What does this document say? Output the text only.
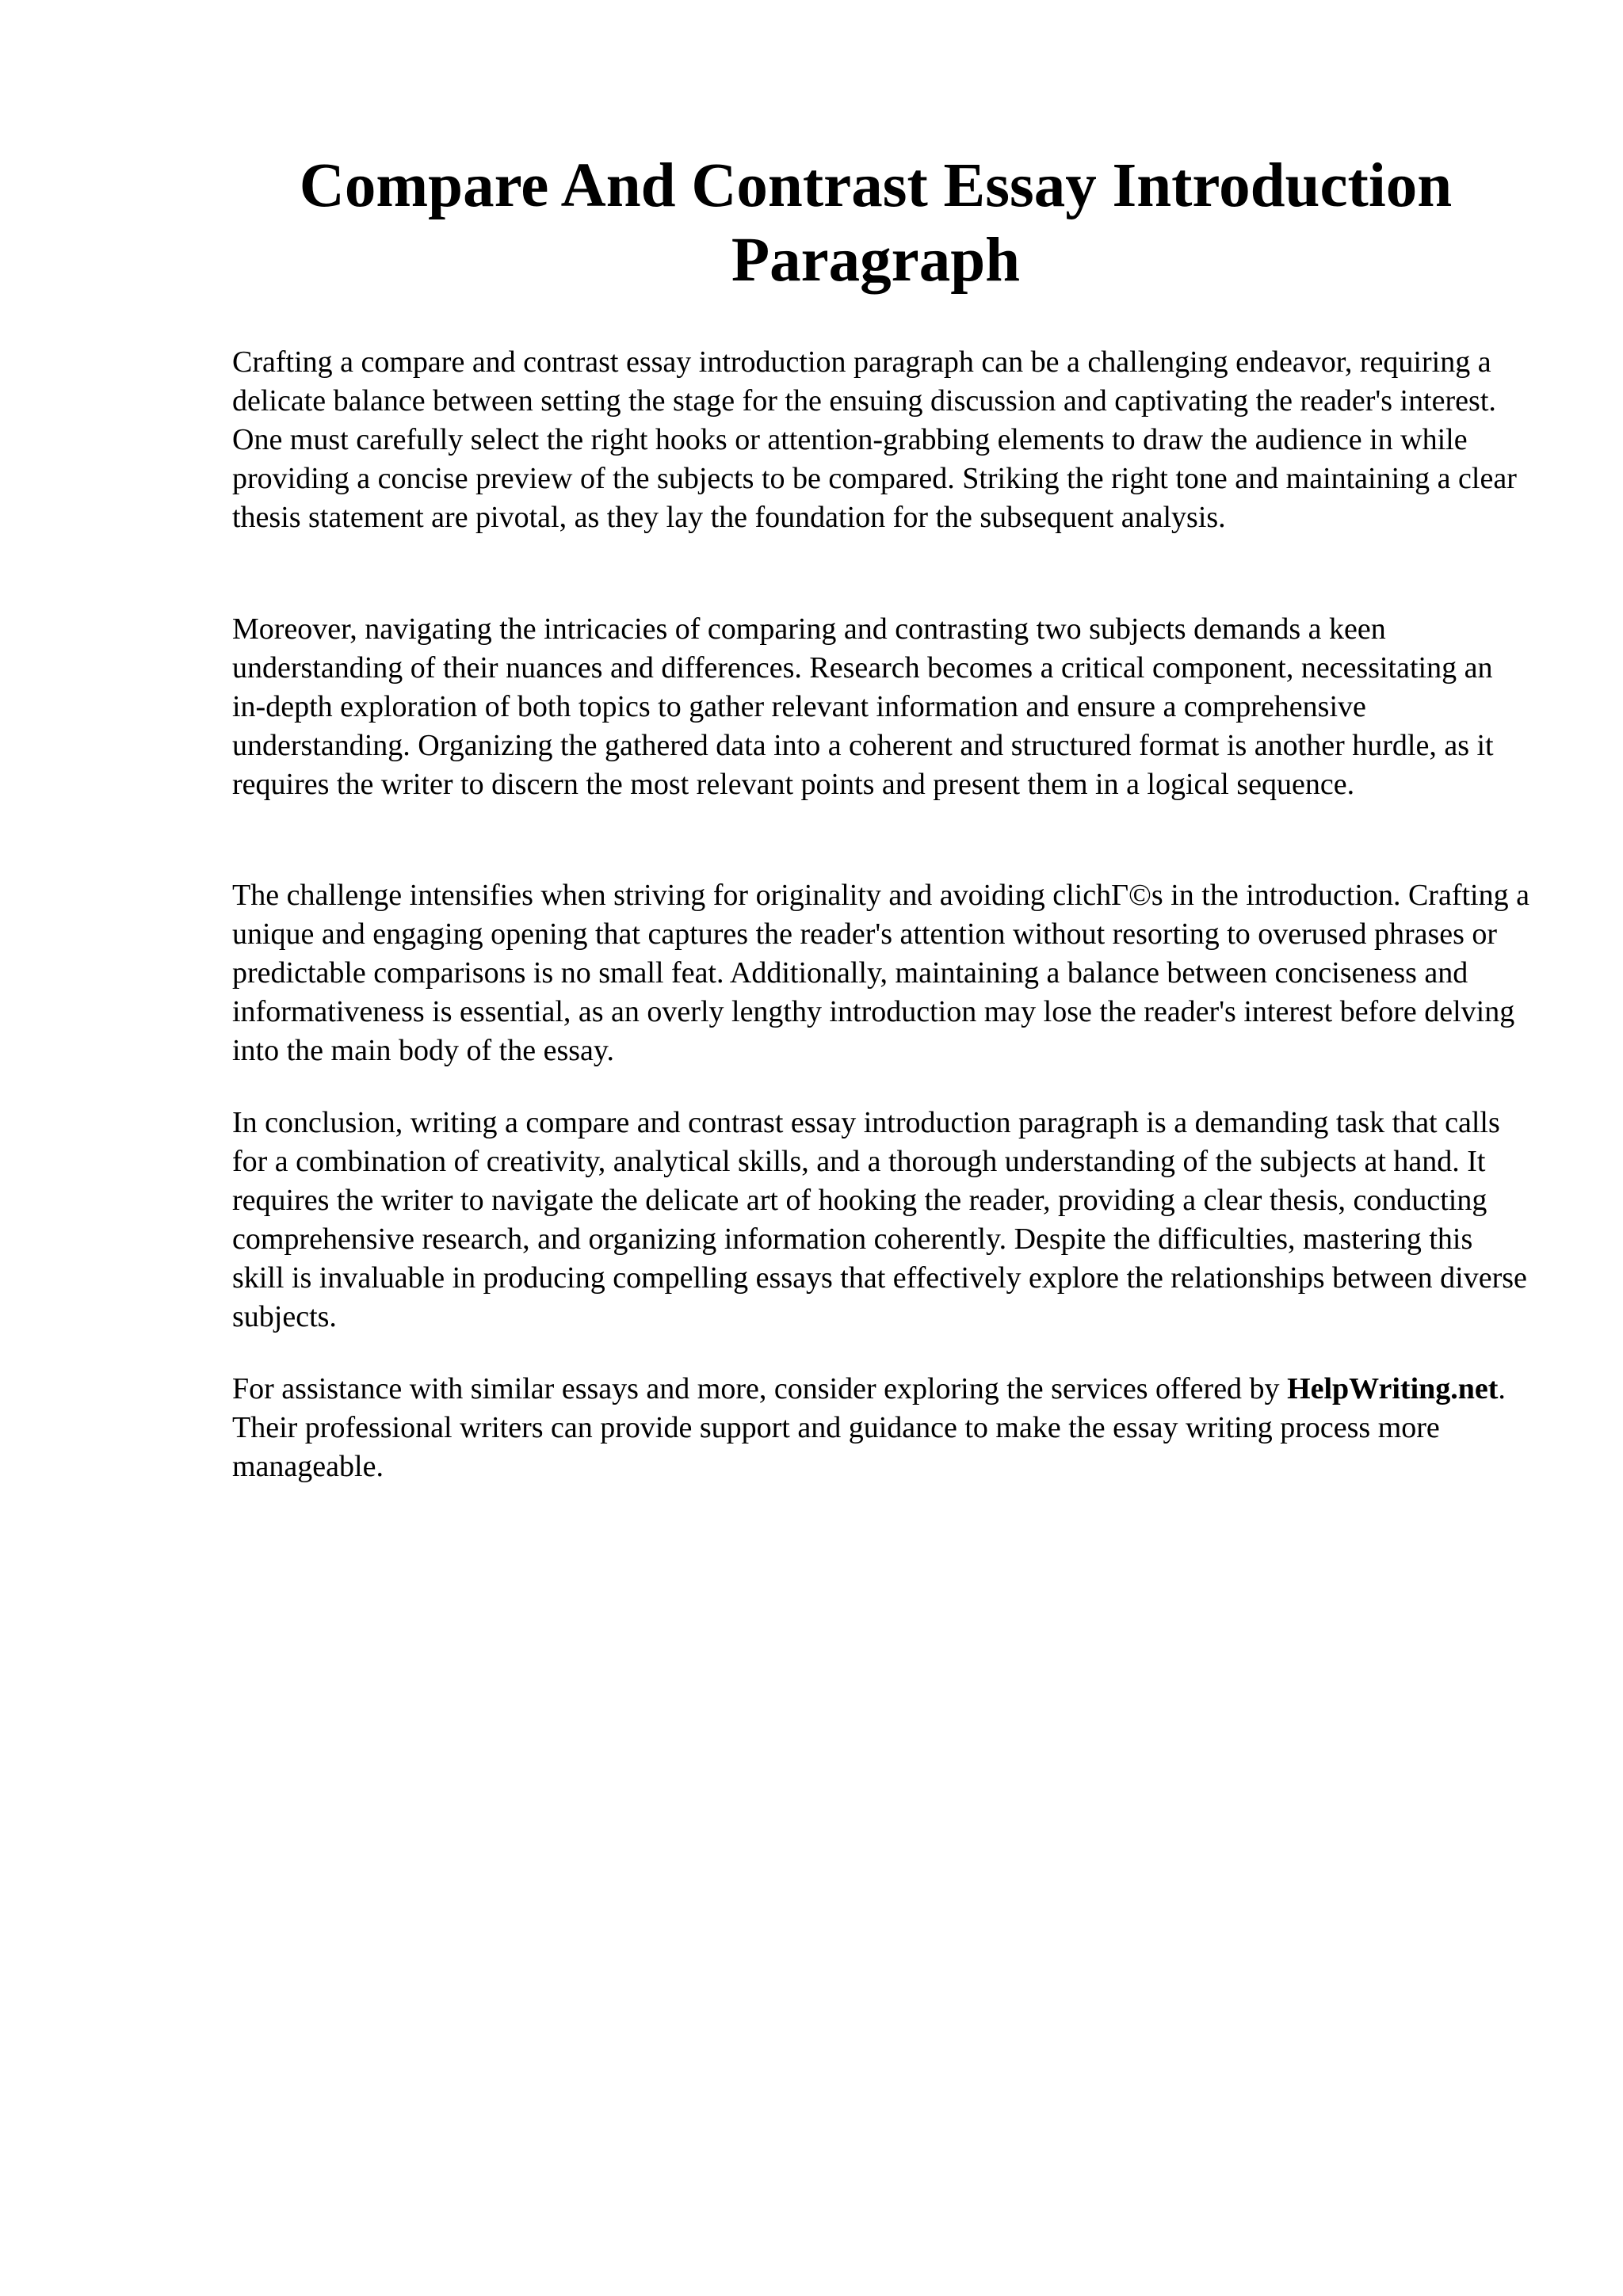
Compare And Contrast Essay Introduction Paragraph

Crafting a compare and contrast essay introduction paragraph can be a challenging endeavor, requiring a delicate balance between setting the stage for the ensuing discussion and captivating the reader's interest. One must carefully select the right hooks or attention-grabbing elements to draw the audience in while providing a concise preview of the subjects to be compared. Striking the right tone and maintaining a clear thesis statement are pivotal, as they lay the foundation for the subsequent analysis.

Moreover, navigating the intricacies of comparing and contrasting two subjects demands a keen understanding of their nuances and differences. Research becomes a critical component, necessitating an in-depth exploration of both topics to gather relevant information and ensure a comprehensive understanding. Organizing the gathered data into a coherent and structured format is another hurdle, as it requires the writer to discern the most relevant points and present them in a logical sequence.

The challenge intensifies when striving for originality and avoiding clichГ©s in the introduction. Crafting a unique and engaging opening that captures the reader's attention without resorting to overused phrases or predictable comparisons is no small feat. Additionally, maintaining a balance between conciseness and informativeness is essential, as an overly lengthy introduction may lose the reader's interest before delving into the main body of the essay.

In conclusion, writing a compare and contrast essay introduction paragraph is a demanding task that calls for a combination of creativity, analytical skills, and a thorough understanding of the subjects at hand. It requires the writer to navigate the delicate art of hooking the reader, providing a clear thesis, conducting comprehensive research, and organizing information coherently. Despite the difficulties, mastering this skill is invaluable in producing compelling essays that effectively explore the relationships between diverse subjects.

For assistance with similar essays and more, consider exploring the services offered by HelpWriting.net. Their professional writers can provide support and guidance to make the essay writing process more manageable.
